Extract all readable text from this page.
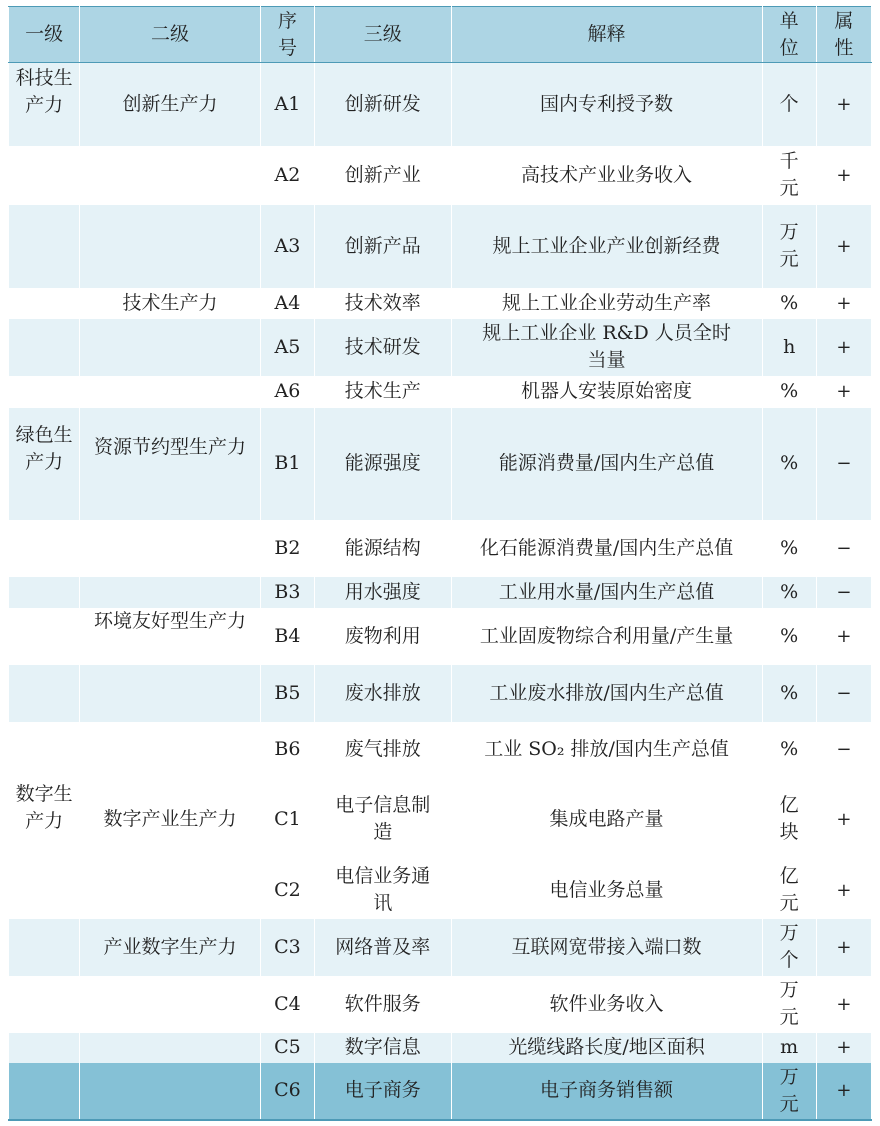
一级	二级	序号	三级	解释	单位	属性
科技生产力	创新生产力	A1	创新研发	国内专利授予数	个	+
		A2	创新产业	高技术产业业务收入	千元	+
		A3	创新产品	规上工业企业产业创新经费	万元	+
	技术生产力	A4	技术效率	规上工业企业劳动生产率	%	+
		A5	技术研发	规上工业企业 R&D 人员全时当量	h	+
		A6	技术生产	机器人安装原始密度	%	+
绿色生产力	资源节约型生产力	B1	能源强度	能源消费量/国内生产总值	%	−
		B2	能源结构	化石能源消费量/国内生产总值	%	−
		B3	用水强度	工业用水量/国内生产总值	%	−
	环境友好型生产力	B4	废物利用	工业固废物综合利用量/产生量	%	+
		B5	废水排放	工业废水排放/国内生产总值	%	−
		B6	废气排放	工业 SO₂ 排放/国内生产总值	%	−
数字生产力	数字产业生产力	C1	电子信息制造	集成电路产量	亿块	+
		C2	电信业务通讯	电信业务总量	亿元	+
	产业数字生产力	C3	网络普及率	互联网宽带接入端口数	万个	+
		C4	软件服务	软件业务收入	万元	+
		C5	数字信息	光缆线路长度/地区面积	m	+
		C6	电子商务	电子商务销售额	万元	+
